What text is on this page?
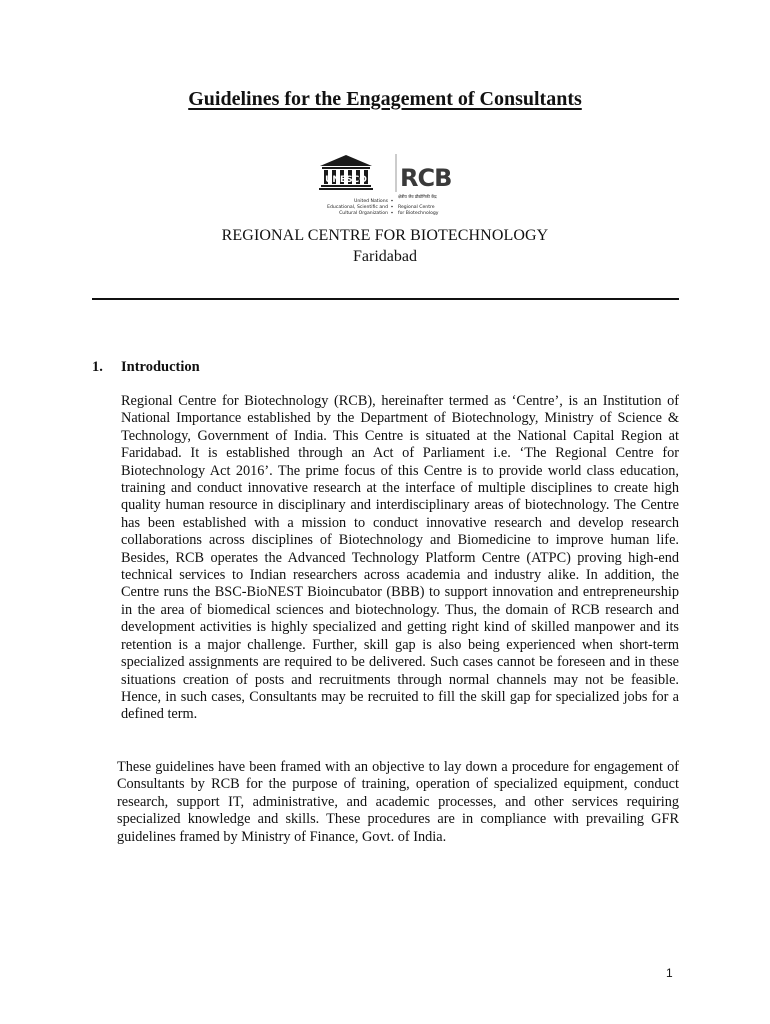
Guidelines for the Engagement of Consultants
UNESCO
United Nations
Educational, Scientific and
Cultural Organization
RCB
क्षेत्रीय जैव प्रौद्योगिकी केंद्र
Regional Centre
for Biotechnology
REGIONAL CENTRE FOR BIOTECHNOLOGY
Faridabad
1. Introduction

Regional Centre for Biotechnology (RCB), hereinafter termed as ‘Centre’, is an Institution of National Importance established by the Department of Biotechnology, Ministry of Science & Technology, Government of India. This Centre is situated at the National Capital Region at Faridabad. It is established through an Act of Parliament i.e. ‘The Regional Centre for Biotechnology Act 2016’. The prime focus of this Centre is to provide world class education, training and conduct innovative research at the interface of multiple disciplines to create high quality human resource in disciplinary and interdisciplinary areas of biotechnology. The Centre has been established with a mission to conduct innovative research and develop research collaborations across disciplines of Biotechnology and Biomedicine to improve human life. Besides, RCB operates the Advanced Technology Platform Centre (ATPC) proving high-end technical services to Indian researchers across academia and industry alike. In addition, the Centre runs the BSC-BioNEST Bioincubator (BBB) to support innovation and entrepreneurship in the area of biomedical sciences and biotechnology. Thus, the domain of RCB research and development activities is highly specialized and getting right kind of skilled manpower and its retention is a major challenge. Further, skill gap is also being experienced when short-term specialized assignments are required to be delivered. Such cases cannot be foreseen and in these situations creation of posts and recruitments through normal channels may not be feasible. Hence, in such cases, Consultants may be recruited to fill the skill gap for specialized jobs for a defined term.

These guidelines have been framed with an objective to lay down a procedure for engagement of Consultants by RCB for the purpose of training, operation of specialized equipment, conduct research, support IT, administrative, and academic processes, and other services requiring specialized knowledge and skills. These procedures are in compliance with prevailing GFR guidelines framed by Ministry of Finance, Govt. of India.

1
